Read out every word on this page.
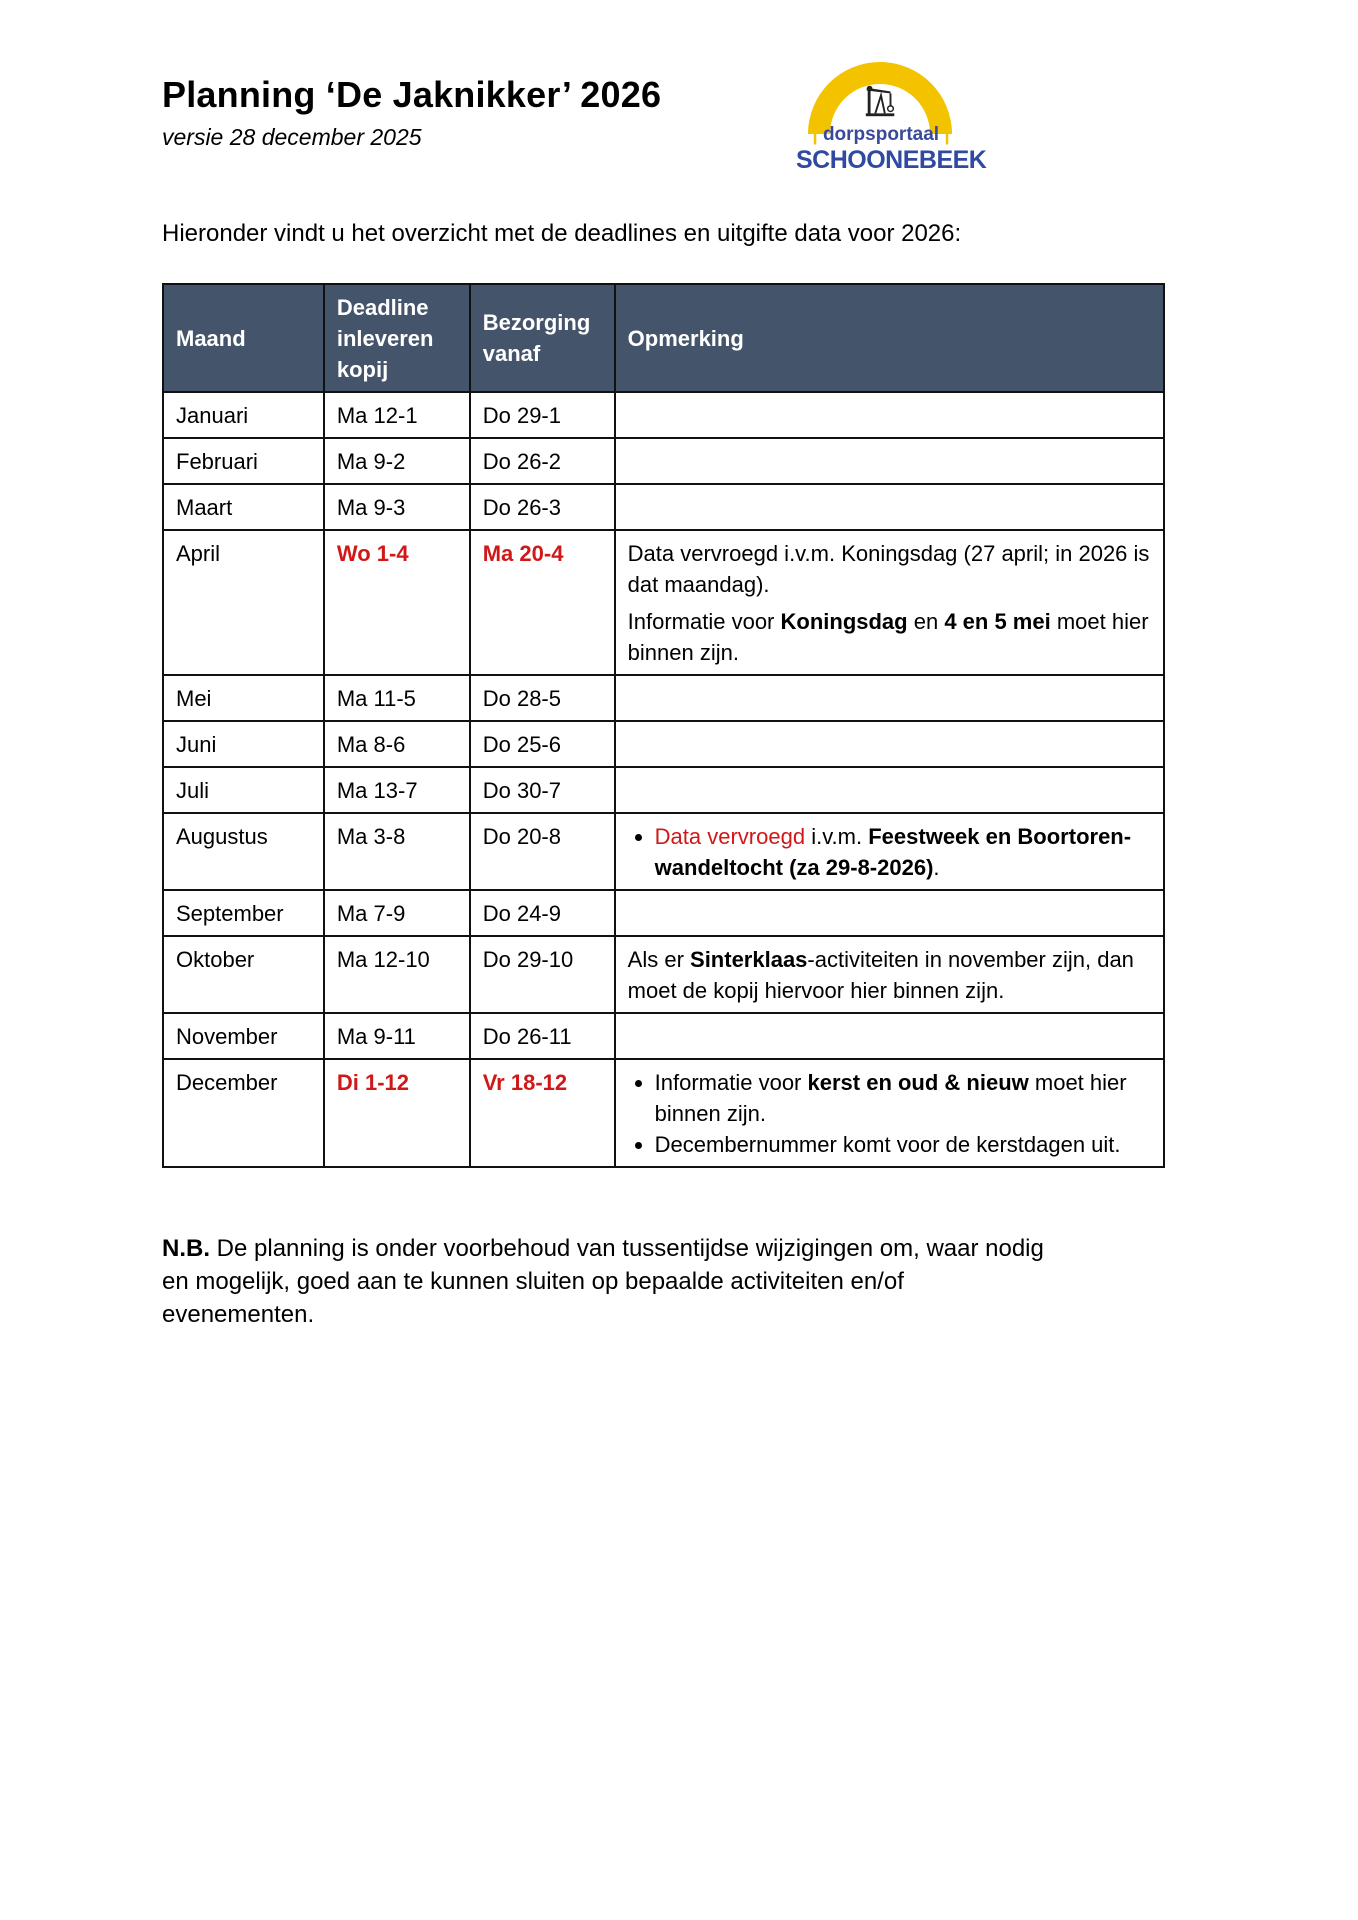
Planning ‘De Jaknikker’ 2026
versie 28 december 2025	| dorpsportaal |
SCHOONEBEEK
Hieronder vindt u het overzicht met de deadlines en uitgifte data voor 2026:
Maand	Deadline inleveren kopij	Bezorging vanaf	Opmerking
Januari	Ma 12-1	Do 29-1	
Februari	Ma 9-2	Do 26-2	
Maart	Ma 9-3	Do 26-3	
April	Wo 1-4	Ma 20-4	Data vervroegd i.v.m. Koningsdag (27 april; in 2026 is dat maandag).

Informatie voor Koningsdag en 4 en 5 mei moet hier binnen zijn.

Mei	Ma 11-5	Do 28-5	
Juni	Ma 8-6	Do 25-6	
Juli	Ma 13-7	Do 30-7	
Augustus	Ma 3-8	Do 20-8	
•Data vervroegd i.v.m. Feestweek en Boortoren-wandeltocht (za 29-8-2026).

September	Ma 7-9	Do 24-9	
Oktober	Ma 12-10	Do 29-10	Als er Sinterklaas-activiteiten in november zijn, dan moet de kopij hiervoor hier binnen zijn.
November	Ma 9-11	Do 26-11	
December	Di 1-12	Vr 18-12	
•Informatie voor kerst en oud & nieuw moet hier binnen zijn.
• Decembernummer komt voor de kerstdagen uit.
N.B. De planning is onder voorbehoud van tussentijdse wijzigingen om, waar nodig en mogelijk, goed aan te kunnen sluiten op bepaalde activiteiten en/of evenementen.
